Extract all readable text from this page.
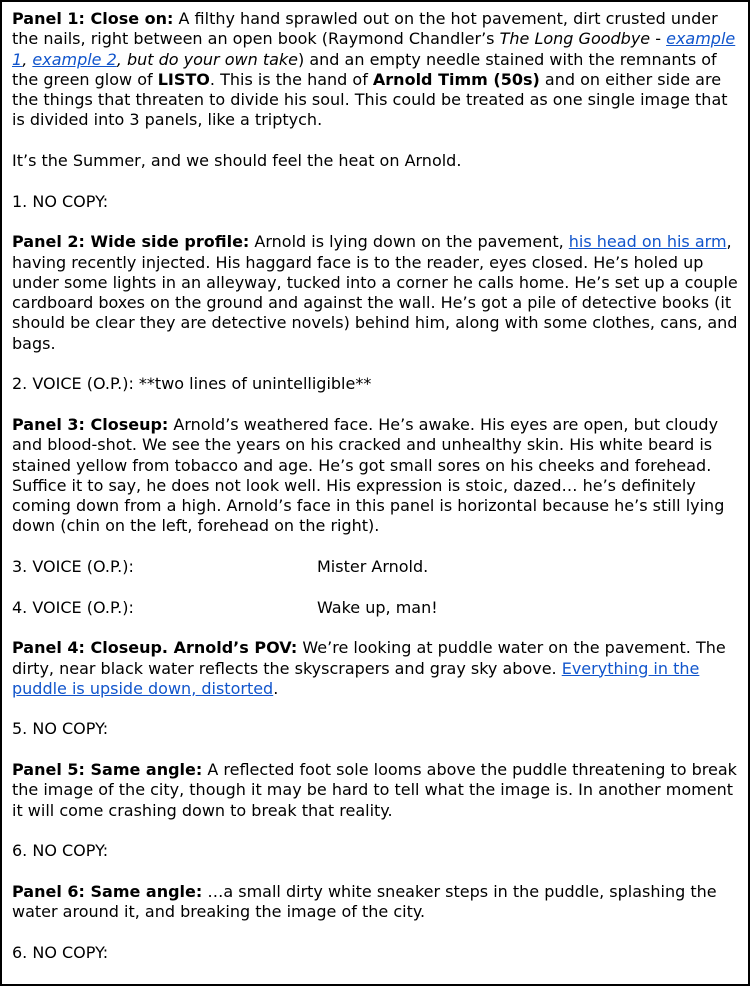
Panel 1: Close on: A filthy hand sprawled out on the hot pavement, dirt crusted under the nails, right between an open book (Raymond Chandler’s The Long Goodbye - example 1, example 2, but do your own take) and an empty needle stained with the remnants of the green glow of LISTO. This is the hand of Arnold Timm (50s) and on either side are the things that threaten to divide his soul. This could be treated as one single image that is divided into 3 panels, like a triptych.

It’s the Summer, and we should feel the heat on Arnold.

1. NO COPY:

Panel 2: Wide side profile: Arnold is lying down on the pavement, his head on his arm, having recently injected. His haggard face is to the reader, eyes closed. He’s holed up under some lights in an alleyway, tucked into a corner he calls home. He’s set up a couple cardboard boxes on the ground and against the wall. He’s got a pile of detective books (it should be clear they are detective novels) behind him, along with some clothes, cans, and bags.

2. VOICE (O.P.): **two lines of unintelligible**

Panel 3: Closeup: Arnold’s weathered face. He’s awake. His eyes are open, but cloudy and blood-shot. We see the years on his cracked and unhealthy skin. His white beard is stained yellow from tobacco and age. He’s got small sores on his cheeks and forehead. Suffice it to say, he does not look well. His expression is stoic, dazed… he’s definitely coming down from a high. Arnold’s face in this panel is horizontal because he’s still lying down (chin on the left, forehead on the right).

3. VOICE (O.P.):	Mister Arnold.

4. VOICE (O.P.):	Wake up, man!

Panel 4: Closeup. Arnold’s POV: We’re looking at puddle water on the pavement. The dirty, near black water reflects the skyscrapers and gray sky above. Everything in the puddle is upside down, distorted.

5. NO COPY:

Panel 5: Same angle: A reflected foot sole looms above the puddle threatening to break the image of the city, though it may be hard to tell what the image is. In another moment it will come crashing down to break that reality.

6. NO COPY:

Panel 6: Same angle: …a small dirty white sneaker steps in the puddle, splashing the water around it, and breaking the image of the city.

6. NO COPY:
